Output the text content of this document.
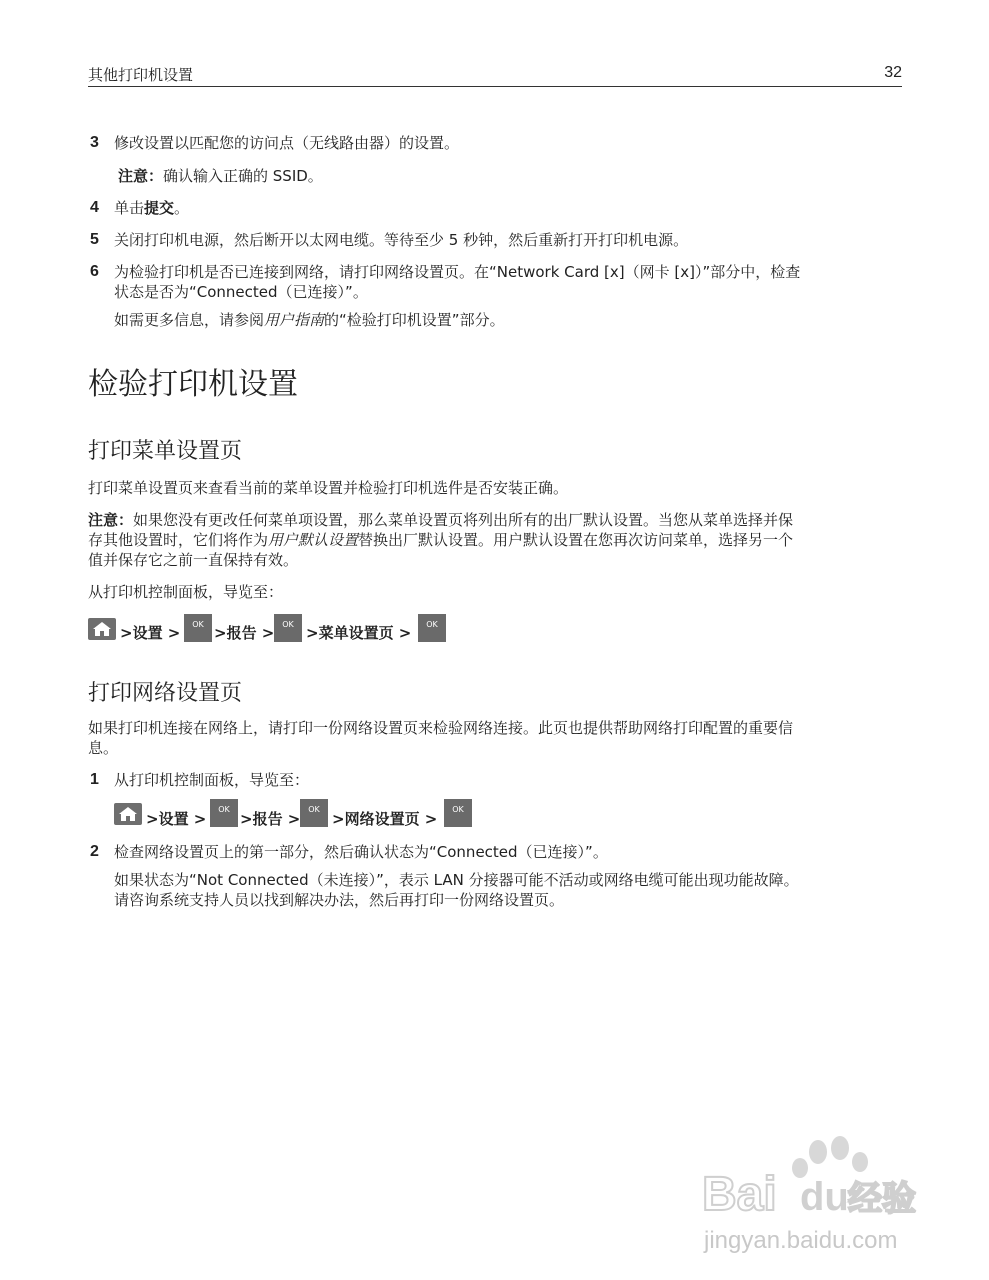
其他打印机设置	32
3 修改设置以匹配您的访问点（无线路由器）的设置。
注意：确认输入正确的 SSID。
4 单击提交。
5 关闭打印机电源，然后断开以太网电缆。等待至少 5 秒钟，然后重新打开打印机电源。
6 为检验打印机是否已连接到网络，请打印网络设置页。在“Network Card [x]（网卡 [x]）”部分中，检查
状态是否为“Connected（已连接）”。
如需更多信息，请参阅用户指南的“检验打印机设置”部分。
检验打印机设置
打印菜单设置页
打印菜单设置页来查看当前的菜单设置并检验打印机选件是否安装正确。
注意：如果您没有更改任何菜单项设置，那么菜单设置页将列出所有的出厂默认设置。当您从菜单选择并保
存其他设置时，它们将作为用户默认设置替换出厂默认设置。用户默认设置在您再次访问菜单，选择另一个
值并保存它之前一直保持有效。
从打印机控制面板，导览至：
>设置 >	OK >报告 > OK >菜单设置页 >	OK
打印网络设置页
如果打印机连接在网络上，请打印一份网络设置页来检验网络连接。此页也提供帮助网络打印配置的重要信
息。
1 从打印机控制面板，导览至：
>设置 >
OK
>报告 >
OK
>网络设置页 >
OK
2 检查网络设置页上的第一部分，然后确认状态为“Connected（已连接）”。
如果状态为“Not Connected（未连接）”，表示 LAN 分接器可能不活动或网络电缆可能出现功能故障。
请咨询系统支持人员以找到解决办法，然后再打印一份网络设置页。
Bai du 经验
jingyan.baidu.com
